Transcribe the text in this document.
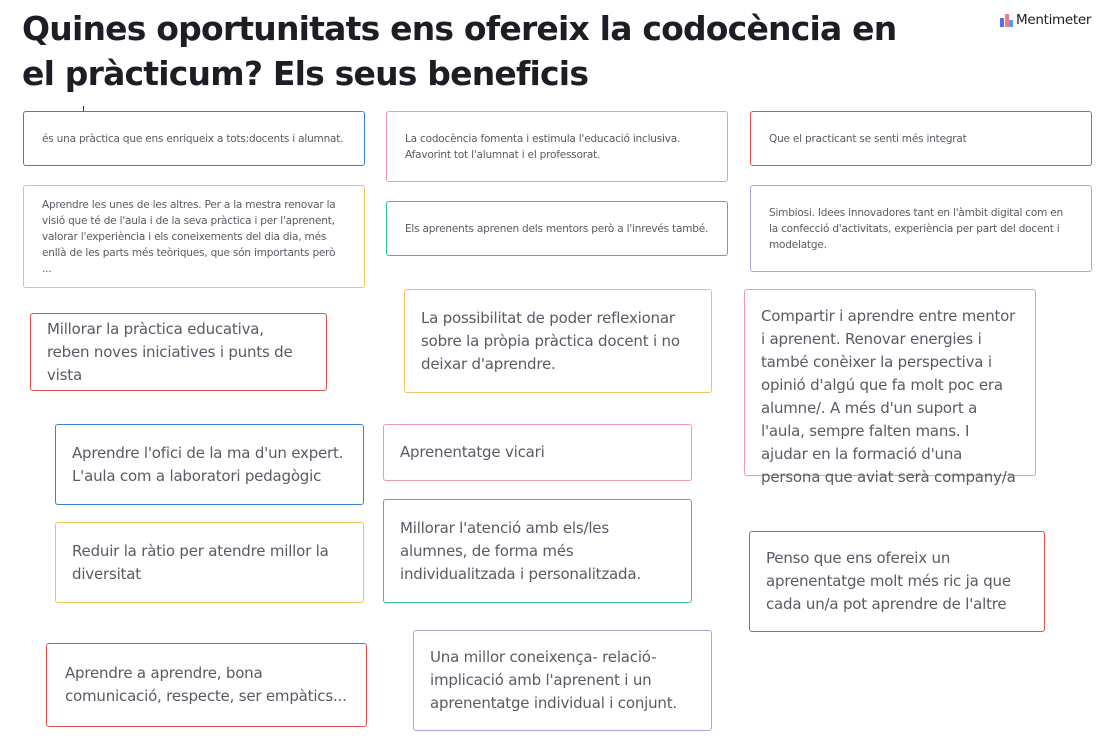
Quines oportunitats ens ofereix la codocència en el pràcticum? Els seus beneficis
Mentimeter
és una pràctica que ens enriqueix a tots:docents i alumnat.	La codocència fomenta i estimula l'educació inclusiva. Afavorint tot l'alumnat i el professorat.
Que el practicant se senti més integrat
Aprendre les unes de les altres. Per a la mestra renovar la visió que té de l'aula i de la seva pràctica i per l'aprenent, valorar l'experiència i els coneixements del dia dia, més enllà de les parts més teòriques, que són importants però ...
Els aprenents aprenen dels mentors però a l'inrevés també.
Simbiosi. Idees innovadores tant en l'àmbit digital com en la confecció d'activitats, experiència per part del docent i modelatge.
Millorar la pràctica educativa, reben noves iniciatives i punts de vista
La possibilitat de poder reflexionar sobre la pròpia pràctica docent i no deixar d'aprendre.
Compartir i aprendre entre mentor i aprenent. Renovar energies i també conèixer la perspectiva i opinió d'algú que fa molt poc era alumne/. A més d'un suport a l'aula, sempre falten mans. I ajudar en la formació d'una persona que aviat serà company/a
Aprendre l'ofici de la ma d'un expert. L'aula com a laboratori pedagògic
Aprenentatge vicari
Reduir la ràtio per atendre millor la diversitat
Millorar l'atenció amb els/les alumnes, de forma més individualitzada i personalitzada.
Penso que ens ofereix un aprenentatge molt més ric ja que cada un/a pot aprendre de l'altre
Aprendre a aprendre, bona comunicació, respecte, ser empàtics...
Una millor coneixença- relació- implicació amb l'aprenent i un aprenentatge individual i conjunt.
